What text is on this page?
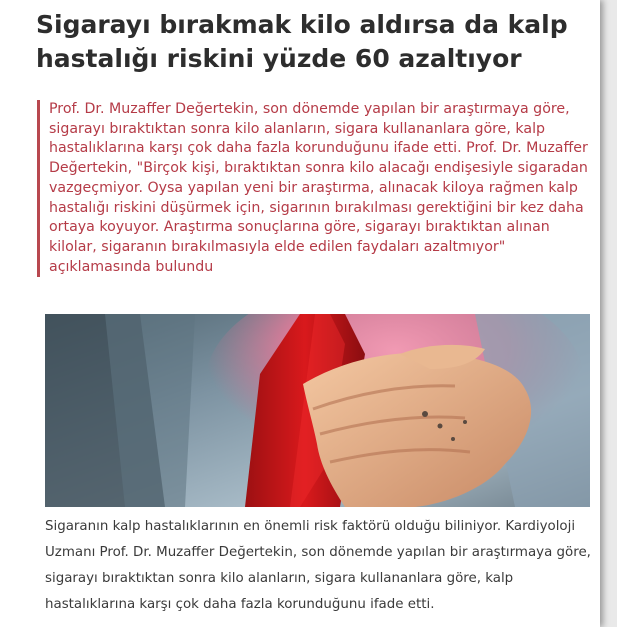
Sigarayı bırakmak kilo aldırsa da kalp hastalığı riskini yüzde 60 azaltıyor

Prof. Dr. Muzaffer Değertekin, son dönemde yapılan bir araştırmaya göre, sigarayı bıraktıktan sonra kilo alanların, sigara kullananlara göre, kalp hastalıklarına karşı çok daha fazla korunduğunu ifade etti. Prof. Dr. Muzaffer Değertekin, "Birçok kişi, bıraktıktan sonra kilo alacağı endişesiyle sigaradan vazgeçmiyor. Oysa yapılan yeni bir araştırma, alınacak kiloya rağmen kalp hastalığı riskini düşürmek için, sigarının bırakılması gerektiğini bir kez daha ortaya koyuyor. Araştırma sonuçlarına göre, sigarayı bıraktıktan alınan kilolar, sigaranın bırakılmasıyla elde edilen faydaları azaltmıyor" açıklamasında bulundu

Sigaranın kalp hastalıklarının en önemli risk faktörü olduğu biliniyor. Kardiyoloji Uzmanı Prof. Dr. Muzaffer Değertekin, son dönemde yapılan bir araştırmaya göre, sigarayı bıraktıktan sonra kilo alanların, sigara kullananlara göre, kalp hastalıklarına karşı çok daha fazla korunduğunu ifade etti.
